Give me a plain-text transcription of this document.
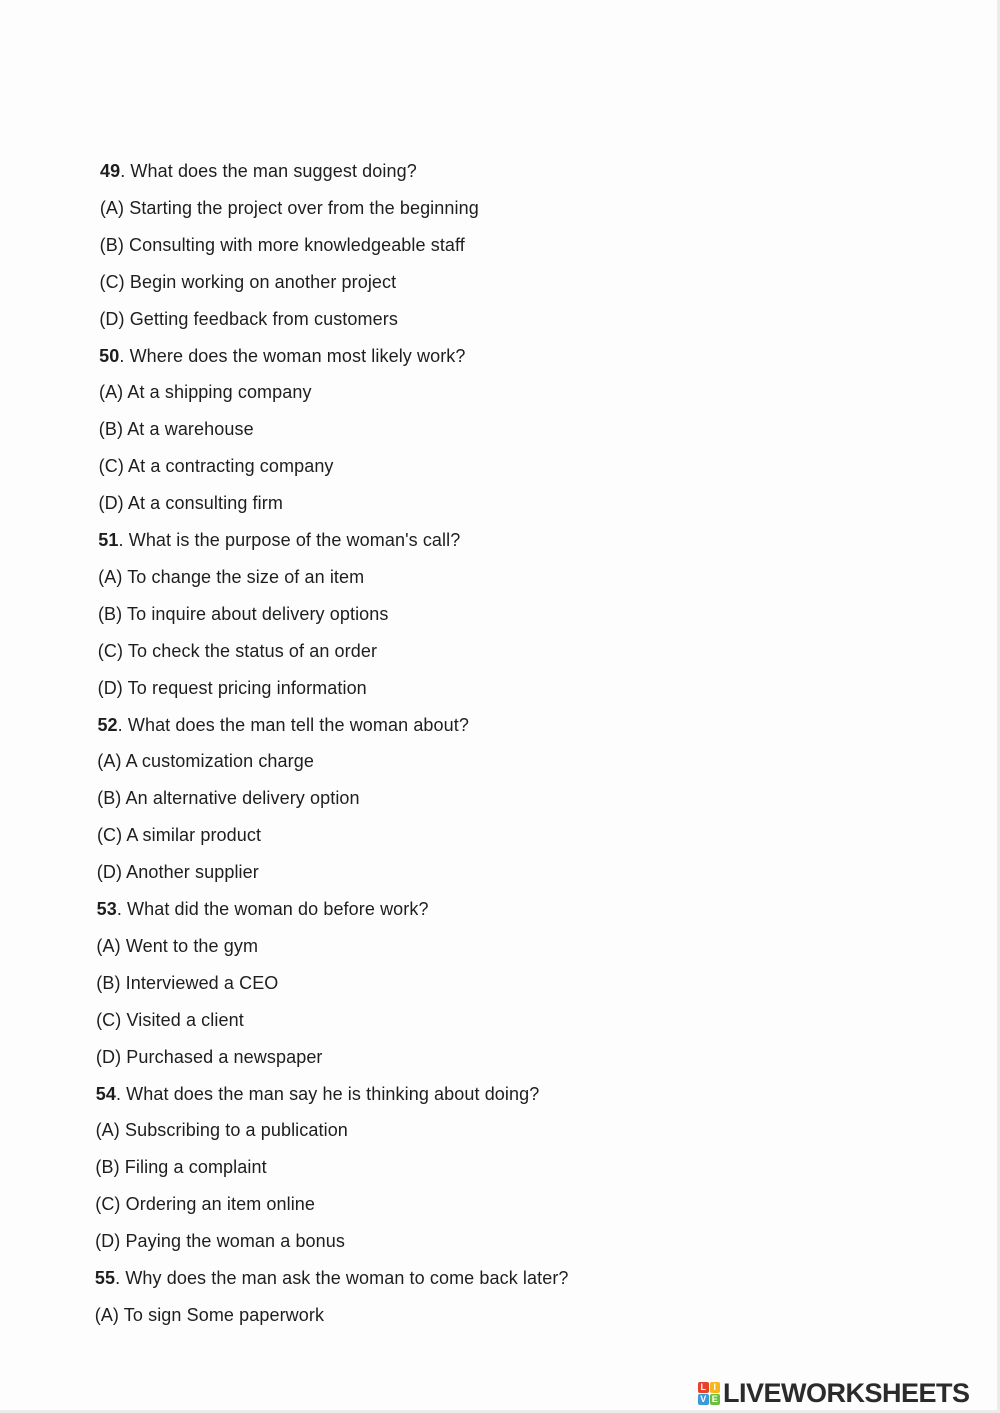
49. What does the man suggest doing?
(A) Starting the project over from the beginning
(B) Consulting with more knowledgeable staff
(C) Begin working on another project
(D) Getting feedback from customers
50. Where does the woman most likely work?
(A) At a shipping company
(B) At a warehouse
(C) At a contracting company
(D) At a consulting firm
51. What is the purpose of the woman's call?
(A) To change the size of an item
(B) To inquire about delivery options
(C) To check the status of an order
(D) To request pricing information
52. What does the man tell the woman about?
(A) A customization charge
(B) An alternative delivery option
(C) A similar product
(D) Another supplier
53. What did the woman do before work?
(A) Went to the gym
(B) Interviewed a CEO
(C) Visited a client
(D) Purchased a newspaper
54. What does the man say he is thinking about doing?
(A) Subscribing to a publication
(B) Filing a complaint
(C) Ordering an item online
(D) Paying the woman a bonus
55. Why does the man ask the woman to come back later?
(A) To sign Some paperwork
L I
V E LIVEWORKSHEETS
